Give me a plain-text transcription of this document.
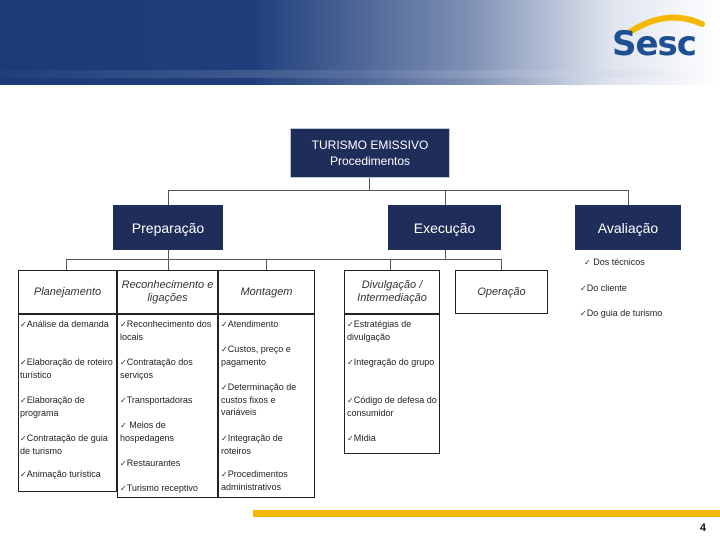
Sesc
TURISMO EMISSIVO
Procedimentos
Preparação	Execução	Avaliação
Planejamento
Reconhecimento e ligações
Montagem
Divulgação / Intermediação
Operação
✓ Dos técnicos
✓Do cliente
✓Do guia de turismo
✓Análise da demanda
✓Elaboração de roteiro turístico
✓Elaboração de programa
✓Contratação de guia de turismo
✓Animação turística
✓Reconhecimento dos locais
✓Contratação dos serviços
✓Transportadoras
✓ Meios de hospedagens
✓Restaurantes
✓Turismo receptivo
✓Atendimento
✓Custos, preço e pagamento
✓Determinação de custos fixos e variáveis
✓Integração de roteiros
✓Procedimentos administrativos
✓Estratégias de divulgação
✓Integração do grupo
✓Código de defesa do consumidor
✓Mídia
4
